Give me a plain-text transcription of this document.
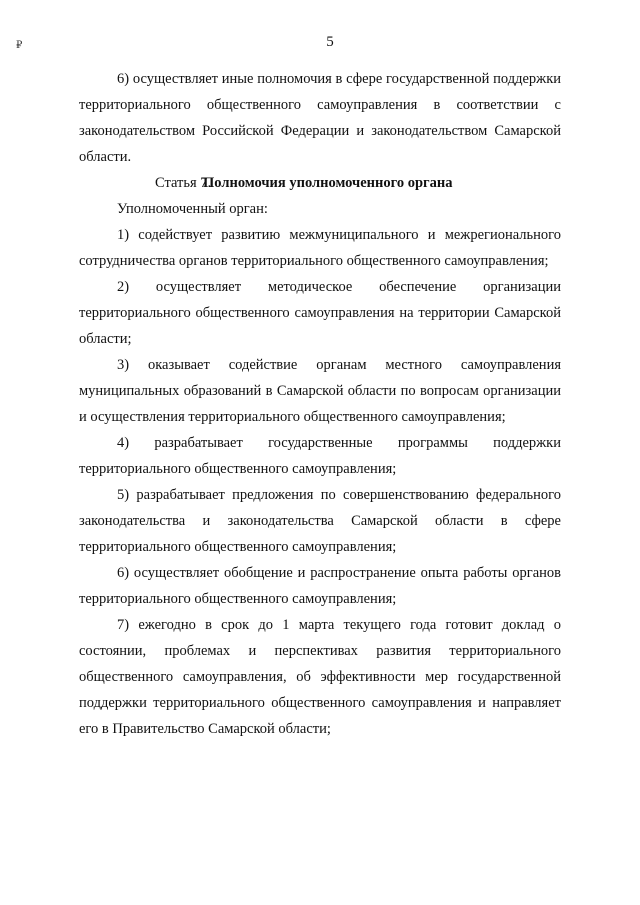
₽	5

6) осуществляет иные полномочия в сфере государственной поддержки территориального общественного самоуправления в соответствии с законодательством Российской Федерации и законодательством Самарской области.

Статья 7.Полномочия уполномоченного органа

Уполномоченный орган:

1) содействует развитию межмуниципального и межрегионального сотрудничества органов территориального общественного самоуправления;

2) осуществляет методическое обеспечение организации территориального общественного самоуправления на территории Самарской области;

3) оказывает содействие органам местного самоуправления муниципальных образований в Самарской области по вопросам организации и осуществления территориального общественного самоуправления;

4) разрабатывает государственные программы поддержки территориального общественного самоуправления;

5) разрабатывает предложения по совершенствованию федерального законодательства и законодательства Самарской области в сфере территориального общественного самоуправления;

6) осуществляет обобщение и распространение опыта работы органов территориального общественного самоуправления;

7) ежегодно в срок до 1 марта текущего года готовит доклад о состоянии, проблемах и перспективах развития территориального общественного самоуправления, об эффективности мер государственной поддержки территориального общественного самоуправления и направляет его в Правительство Самарской области;
